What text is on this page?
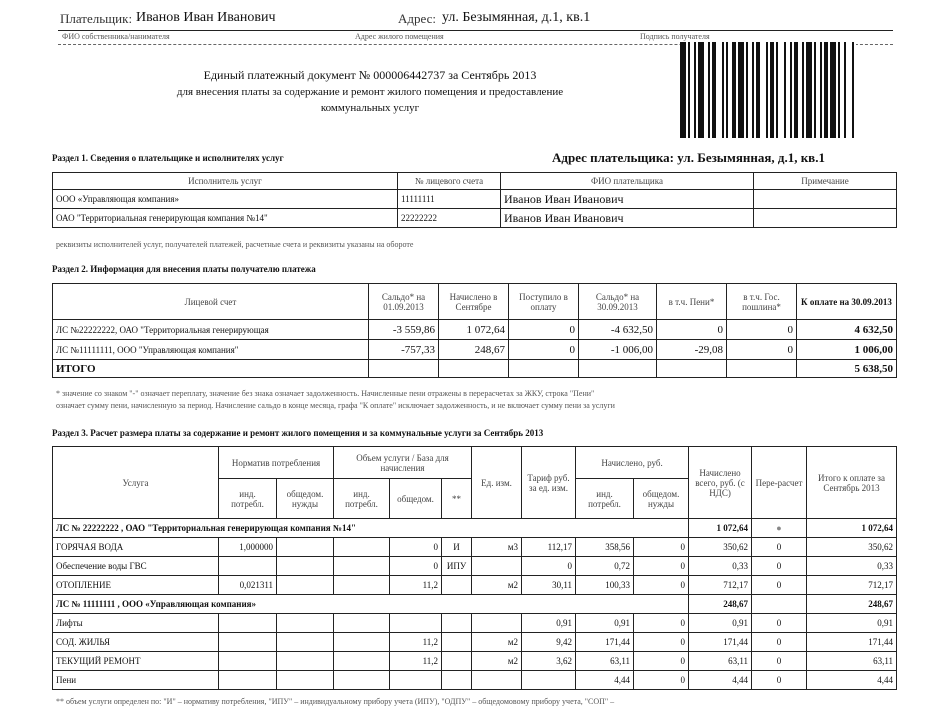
Плательщик: Иванов Иван Иванович	Адрес: ул. Безымянная, д.1, кв.1
ФИО собственника/нанимателя	Адрес жилого помещения	Подпись получателя
Единый платежный документ № 000006442737 за Сентябрь 2013
для внесения платы за содержание и ремонт жилого помещения и предоставление
коммунальных услуг
Раздел 1. Сведения о плательщике и исполнителях услуг	Адрес плательщика: ул. Безымянная, д.1, кв.1
Исполнитель услуг	№ лицевого счета	ФИО плательщика	Примечание
ООО «Управляющая компания»	11111111	Иванов Иван Иванович	
ОАО "Территориальная генерирующая компания №14"	22222222	Иванов Иван Иванович	
реквизиты исполнителей услуг, получателей платежей, расчетные счета и реквизиты указаны на обороте
Раздел 2. Информация для внесения платы получателю платежа
Лицевой счет	Сальдо* на 01.09.2013	Начислено в Сентябре	Поступило в оплату	Сальдо* на 30.09.2013	в т.ч. Пени*	в т.ч. Гос. пошлина*	К оплате на 30.09.2013
ЛС №22222222, ОАО "Территориальная генерирующая	-3 559,86	1 072,64	0	-4 632,50	0	0	4 632,50
ЛС №11111111, ООО "Управляющая компания"	-757,33	248,67	0	-1 006,00	-29,08	0	1 006,00
ИТОГО							5 638,50
* значение со знаком "-" означает переплату, значение без знака означает задолженность. Начисленные пени отражены в перерасчетах за ЖКУ, строка "Пени"
означает сумму пени, начисленную за период. Начисление сальдо в конце месяца, графа "К оплате" исключает задолженность, и не включает сумму пени за услуги
Раздел 3. Расчет размера платы за содержание и ремонт жилого помещения и за коммунальные услуги за Сентябрь 2013
Услуга	Норматив потребления		Объем услуги / База для начисления			Ед. изм.	Тариф руб. за ед. изм.	Начислено, руб.		Начислено всего, руб. (с НДС)	Пере-расчет	Итого к оплате за Сентябрь 2013
	инд. потребл.	общедом. нужды	инд. потребл.	общедом.	**			инд. потребл.	общедом. нужды			
ЛС № 22222222 , ОАО "Территориальная генерирующая компания №14"										1 072,64	●	1 072,64
ГОРЯЧАЯ ВОДА	1,000000			0	И	м3	112,17	358,56	0	350,62	0	350,62
Обеспечение воды ГВС				0	ИПУ		0	0,72	0	0,33	0	0,33
ОТОПЛЕНИЕ	0,021311			11,2		м2	30,11	100,33	0	712,17	0	712,17
ЛС № 11111111 , ООО «Управляющая компания»										248,67		248,67
Лифты							0,91	0,91	0	0,91	0	0,91
СОД. ЖИЛЬЯ				11,2		м2	9,42	171,44	0	171,44	0	171,44
ТЕКУЩИЙ РЕМОНТ				11,2		м2	3,62	63,11	0	63,11	0	63,11
Пени								4,44	0	4,44	0	4,44
** объем услуги определен по: "И" – нормативу потребления, "ИПУ" – индивидуальному прибору учета (ИПУ), "ОДПУ" – общедомовому прибору учета, "СОП" –
